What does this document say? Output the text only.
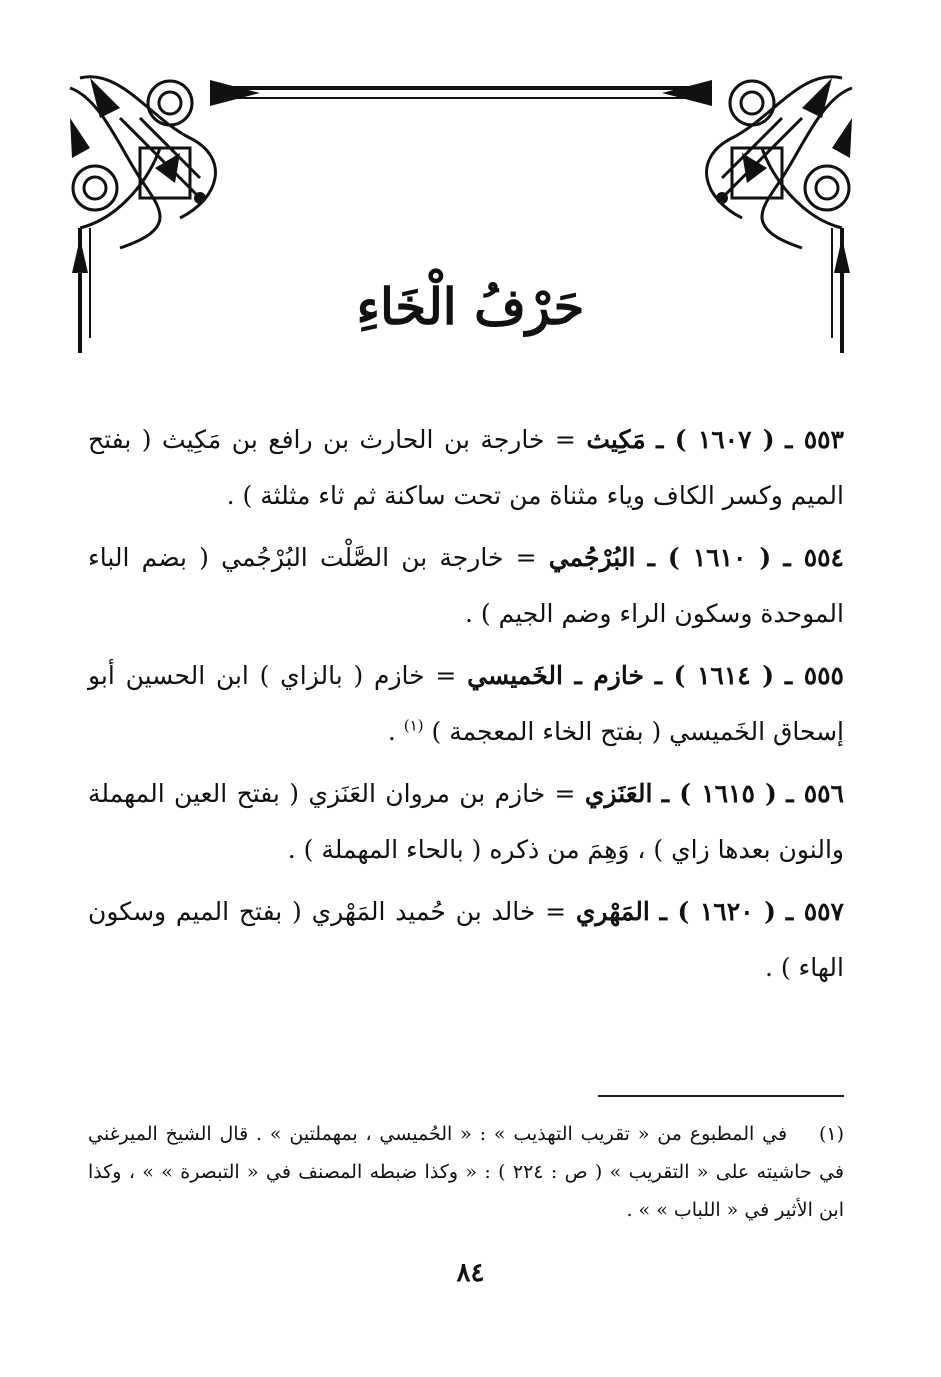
حَرْفُ الْخَاءِ
٥٥٣ ـ ( ١٦٠٧ ) ـ مَكِيث = خارجة بن الحارث بن رافع بن مَكِيث ( بفتح الميم وكسر الكاف وياء مثناة من تحت ساكنة ثم ثاء مثلثة ) .
٥٥٤ ـ ( ١٦١٠ ) ـ البُرْجُمي = خارجة بن الصَّلْت البُرْجُمي ( بضم الباء الموحدة وسكون الراء وضم الجيم ) .
٥٥٥ ـ ( ١٦١٤ ) ـ خازم ـ الخَميسي = خازم ( بالزاي ) ابن الحسين أبو إسحاق الخَميسي ( بفتح الخاء المعجمة ) $^{(١)}$ .
٥٥٦ ـ ( ١٦١٥ ) ـ العَنَزي = خازم بن مروان العَنَزي ( بفتح العين المهملة والنون بعدها زاي ) ، وَهِمَ من ذكره ( بالحاء المهملة ) .
٥٥٧ ـ ( ١٦٢٠ ) ـ المَهْري = خالد بن حُميد المَهْري ( بفتح الميم وسكون الهاء ) .
(١) في المطبوع من « تقريب التهذيب » : « الحُميسي ، بمهملتين » . قال الشيخ الميرغني في حاشيته على « التقريب » ( ص : ٢٢٤ ) : « وكذا ضبطه المصنف في « التبصرة » » ، وكذا ابن الأثير في « اللباب » » .
٨٤
